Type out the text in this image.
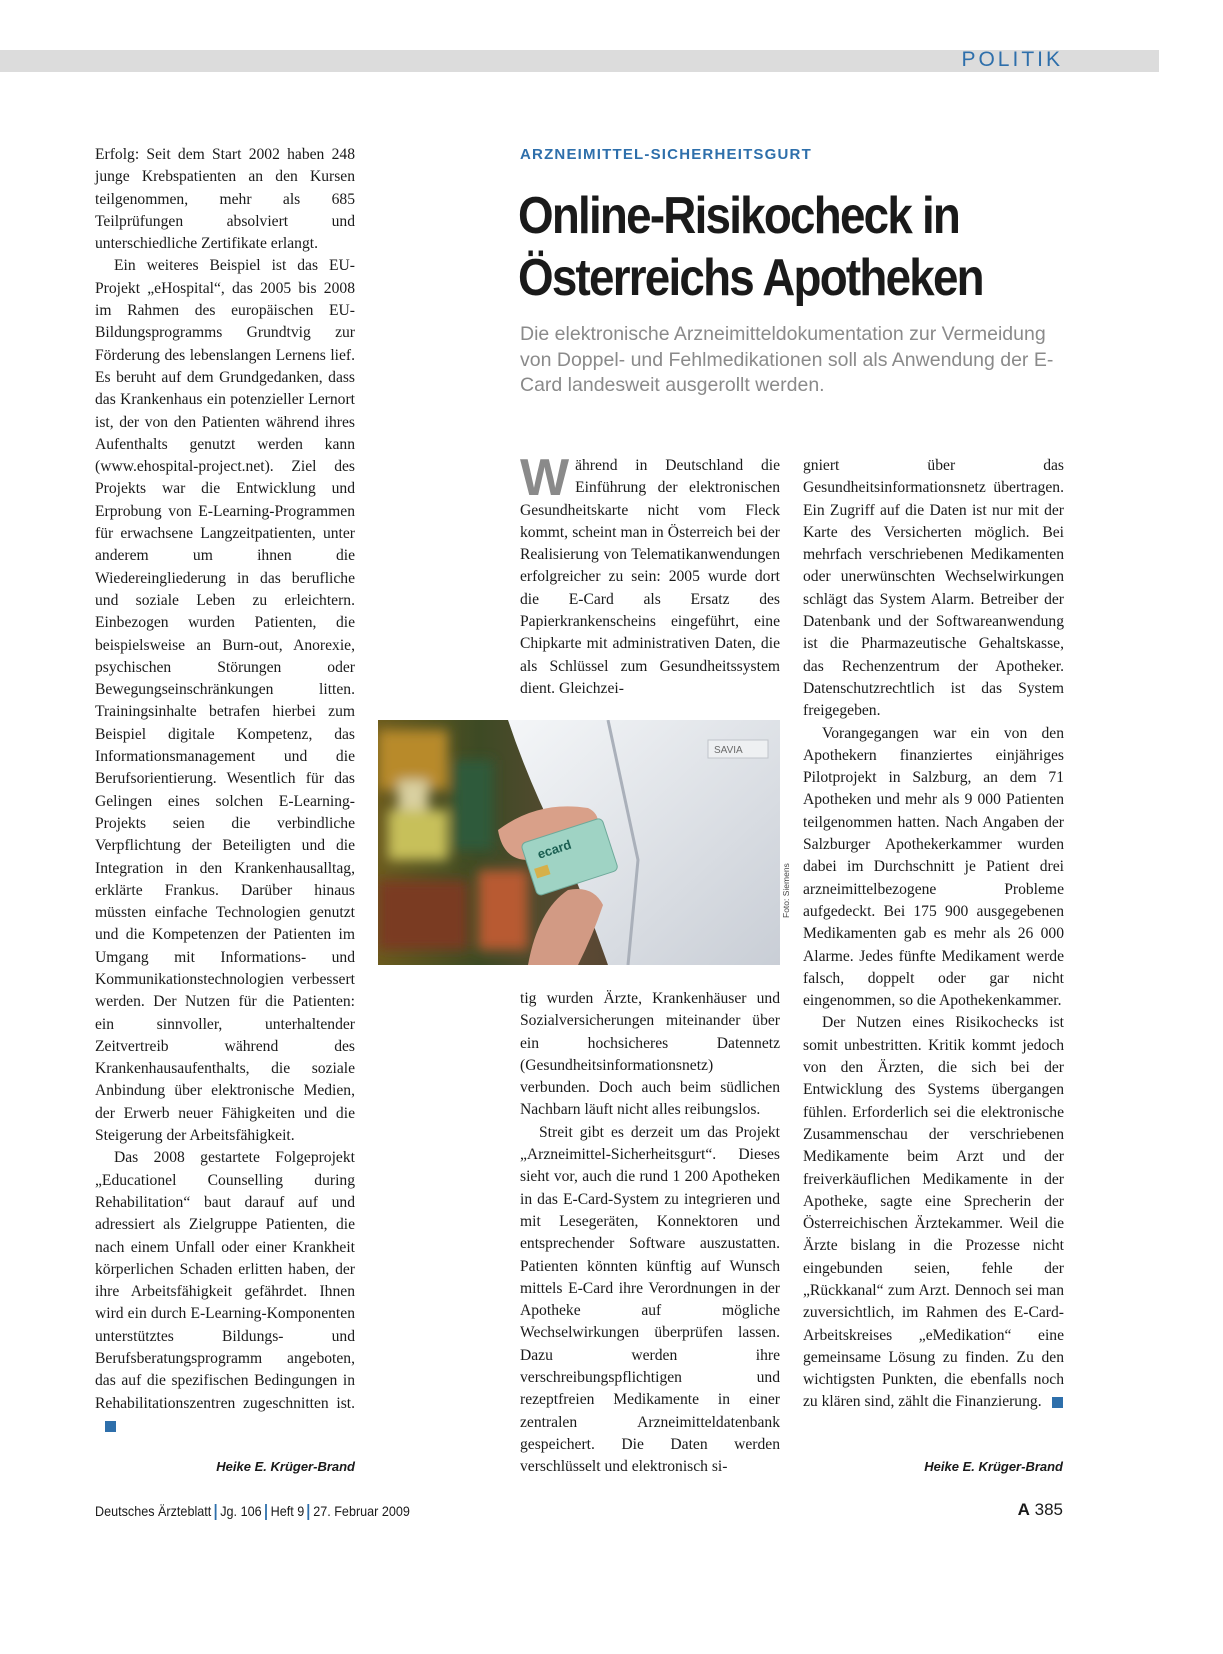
POLITIK

Erfolg: Seit dem Start 2002 haben 248 junge Krebspatienten an den Kursen teilgenommen, mehr als 685 Teilprüfungen absolviert und unterschiedliche Zertifikate erlangt.

Ein weiteres Beispiel ist das EU-Projekt „eHospital“, das 2005 bis 2008 im Rahmen des europäischen EU-Bildungsprogramms Grundtvig zur Förderung des lebenslangen Lernens lief. Es beruht auf dem Grundgedanken, dass das Krankenhaus ein potenzieller Lernort ist, der von den Patienten während ihres Aufenthalts genutzt werden kann (www.ehospital-project.net). Ziel des Projekts war die Entwicklung und Erprobung von E-Learning-Programmen für erwachsene Langzeitpatienten, unter anderem um ihnen die Wiedereingliederung in das berufliche und soziale Leben zu erleichtern. Einbezogen wurden Patienten, die beispielsweise an Burn-out, Anorexie, psychischen Störungen oder Bewegungseinschränkungen litten. Trainingsinhalte betrafen hierbei zum Beispiel digitale Kompetenz, das Informationsmanagement und die Berufsorientierung. Wesentlich für das Gelingen eines solchen E-Learning-Projekts seien die verbindliche Verpflichtung der Beteiligten und die Integration in den Krankenhausalltag, erklärte Frankus. Darüber hinaus müssten einfache Technologien genutzt und die Kompetenzen der Patienten im Umgang mit Informations- und Kommunikationstechnologien verbessert werden. Der Nutzen für die Patienten: ein sinnvoller, unterhaltender Zeitvertreib während des Krankenhausaufenthalts, die soziale Anbindung über elektronische Medien, der Erwerb neuer Fähigkeiten und die Steigerung der Arbeitsfähigkeit.

Das 2008 gestartete Folgeprojekt „Educationel Counselling during Rehabilitation“ baut darauf auf und adressiert als Zielgruppe Patienten, die nach einem Unfall oder einer Krankheit körperlichen Schaden erlitten haben, der ihre Arbeitsfähigkeit gefährdet. Ihnen wird ein durch E-Learning-Komponenten unterstütztes Bildungs- und Berufsberatungsprogramm angeboten, das auf die spezifischen Bedingungen in Rehabilitationszentren zugeschnitten ist.

Heike E. Krüger-Brand
ARZNEIMITTEL-SICHERHEITSGURT
Online-Risikocheck in
Österreichs Apotheken
Die elektronische Arzneimitteldokumentation zur Vermeidung von Doppel- und Fehlmedikationen soll als Anwendung der E-Card landesweit ausgerollt werden.

Während in Deutschland die Einführung der elektronischen Gesundheitskarte nicht vom Fleck kommt, scheint man in Österreich bei der Realisierung von Telematikanwendungen erfolgreicher zu sein: 2005 wurde dort die E-Card als Ersatz des Papierkrankenscheins eingeführt, eine Chipkarte mit administrativen Daten, die als Schlüssel zum Gesundheitssystem dient. Gleichzei-

SAVIA
ecard
Foto: Siemens

tig wurden Ärzte, Krankenhäuser und Sozialversicherungen miteinander über ein hochsicheres Datennetz (Gesundheitsinformationsnetz) verbunden. Doch auch beim südlichen Nachbarn läuft nicht alles reibungslos.

Streit gibt es derzeit um das Projekt „Arzneimittel-Sicherheitsgurt“. Dieses sieht vor, auch die rund 1 200 Apotheken in das E-Card-System zu integrieren und mit Lesegeräten, Konnektoren und entsprechender Software auszustatten. Patienten könnten künftig auf Wunsch mittels E-Card ihre Verordnungen in der Apotheke auf mögliche Wechselwirkungen überprüfen lassen. Dazu werden ihre verschreibungspflichtigen und rezeptfreien Medikamente in einer zentralen Arzneimitteldatenbank gespeichert. Die Daten werden verschlüsselt und elektronisch si-

gniert über das Gesundheitsinformationsnetz übertragen. Ein Zugriff auf die Daten ist nur mit der Karte des Versicherten möglich. Bei mehrfach verschriebenen Medikamenten oder unerwünschten Wechselwirkungen schlägt das System Alarm. Betreiber der Datenbank und der Softwareanwendung ist die Pharmazeutische Gehaltskasse, das Rechenzentrum der Apotheker. Datenschutzrechtlich ist das System freigegeben.

Vorangegangen war ein von den Apothekern finanziertes einjähriges Pilotprojekt in Salzburg, an dem 71 Apotheken und mehr als 9 000 Patienten teilgenommen hatten. Nach Angaben der Salzburger Apothekerkammer wurden dabei im Durchschnitt je Patient drei arzneimittelbezogene Probleme aufgedeckt. Bei 175 900 ausgegebenen Medikamenten gab es mehr als 26 000 Alarme. Jedes fünfte Medikament werde falsch, doppelt oder gar nicht eingenommen, so die Apothekenkammer.

Der Nutzen eines Risikochecks ist somit unbestritten. Kritik kommt jedoch von den Ärzten, die sich bei der Entwicklung des Systems übergangen fühlen. Erforderlich sei die elektronische Zusammenschau der verschriebenen Medikamente beim Arzt und der freiverkäuflichen Medikamente in der Apotheke, sagte eine Sprecherin der Österreichischen Ärztekammer. Weil die Ärzte bislang in die Prozesse nicht eingebunden seien, fehle der „Rückkanal“ zum Arzt. Dennoch sei man zuversichtlich, im Rahmen des E-Card-Arbeitskreises „eMedikation“ eine gemeinsame Lösung zu finden. Zu den wichtigsten Punkten, die ebenfalls noch zu klären sind, zählt die Finanzierung.

Heike E. Krüger-Brand
Deutsches Ärzteblatt Jg. 106 Heft 9 27. Februar 2009	A 385
